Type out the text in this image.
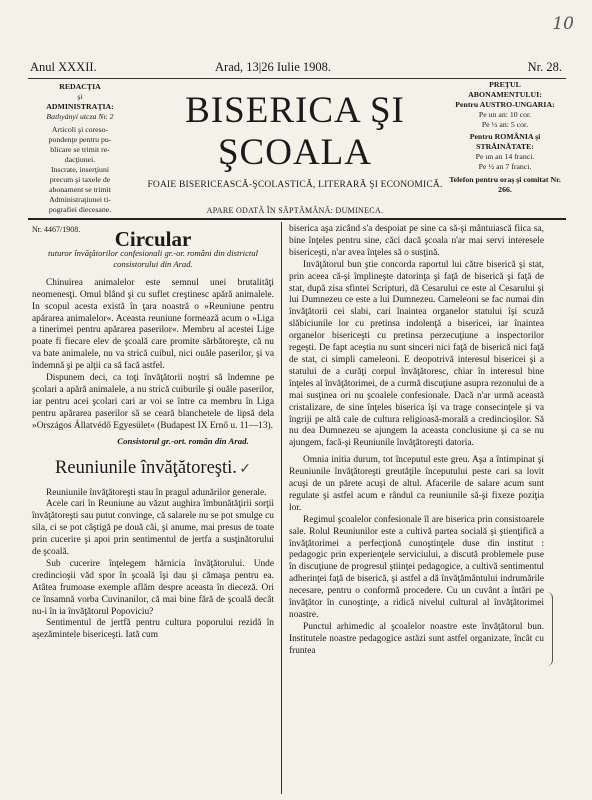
10
Anul XXXII.	Arad, 13|26 Iulie 1908.	Nr. 28.
REDACŢIA
şi
ADMINISTRAŢIA:
Bathyányi utcza Nr. 2
Articoli şi coreso-
pondenţe pentru pu-
blicare se trimit re-
dacţiunei.
Inscrate, inserţiuni
precum şi taxele de
abonament se trimit
Administraţiunei ti-
pografiei diecesane.
BISERICA ŞI ŞCOALA
FOAIE BISERICEASCĂ-ŞCOLASTICĂ, LITERARĂ ŞI ECONOMICĂ.
APARE ODATĂ ÎN SĂPTĂMÂNĂ: DUMINECA.
PREŢUL
ABONAMENTULUI:
Pentru AUSTRO-UNGARIA:
Pe un an: 10 cor.
Pe ½ an: 5 cor.
Pentru ROMÂNIA şi STRĂINĂTATE:
Pe un an 14 franci.
Pe ½ an 7 franci.
Telefon pentru oraş şi comitat Nr. 266.
Nr. 4467/1908.	Circular
tuturor învăţătorilor confesionali gr.-or. români din districtul consistorului din Arad.

Chinuirea animalelor este semnul unei brutalităţi neomenesţi. Omul blând şi cu suflet creştinesc apără animalele. In scopul acesta există în ţara noastră o »Reuniune pentru apărarea animalelor«. Aceasta reuniune formează acum o »Liga a tinerimei pentru apărarea paserilor«. Membru al acestei Lige poate fi fiecare elev de şcoală care promite sărbătoreşte, că nu va bate animalele, nu va strică cuibul, nici ouăle paserilor, şi va îndemnă şi pe alţii ca să facă astfel.

Dispunem deci, ca toţi învăţătorii noştri să îndemne pe şcolari a apără animalele, a nu strică cuiburile şi ouăle paserilor, iar pentru acei şcolari cari ar voi se între ca membru în Liga pentru apărarea paserilor să se ceară blanchetele de lipsă dela »Országos Állatvédő Egyesület« (Budapest IX Ernő u. 11—13).

Consistorul gr.-ort. român din Arad.
Reuniunile învăţătoreşti. ✓

Reuniunile învăţătoreşti stau în pragul adunărilor generale.

Acele cari în Reuniune au văzut aughira îmbunătăţirii sorţii învăţătoreşti sau putut convinge, că salarele nu se pot smulge cu sila, ci se pot câştigă pe două căi, şi anume, mai presus de toate prin cucerire şi apoi prin sentimentul de jertfa a susţinătorului de şcoală.

Sub cucerire înţelegem hărnicia învăţătorului. Unde credincioşii văd spor în şcoală îşi dau şi cămaşa pentru ea. Atâtea frumoase exemple aflăm despre aceasta în dieceză. Ori ce însamnă vorba Cuvinanilor, că mai bine fără de şcoală decât nu-i în ia învăţătorul Popoviciu?

Sentimentul de jertfă pentru cultura poporului rezidă în aşezămintele bisericeşti. Iată cum

biserica aşa zicând s'a despoiat pe sine ca să-şi mântuiască fiica sa, bine înţeles pentru sine, căci dacă şcoala n'ar mai servi interesele bisericeşti, n'ar avea înţeles să o susţină.

Invăţătorul bun ştie concorda raportul lui către biserică şi stat, prin aceea că-şi împlineşte datorinţa şi faţă de biserică şi faţă de stat, după zisa sfintei Scripturi, dă Cesarului ce este al Cesarului şi lui Dumnezeu ce este a lui Dumnezeu. Cameleoni se fac numai din învăţătorii cei slabi, cari înaintea organelor statului îşi scuză slăbiciunile lor cu pretinsa indolenţă a bisericei, iar înaintea organelor bisericeşti cu pretinsa perzecuţiune a inspectorilor regeşti. De fapt aceştia nu sunt sinceri nici faţă de biserică nici faţă de stat, ci simpli cameleoni. E deopotrivă interesul bisericei şi a statului de a curăţi corpul învăţătoresc, chiar în interesul bine înţeles al învăţătorimei, de a curmă discuţiune asupra rezonului de a mai susţinea ori nu şcoalele confesionale. Dacă n'ar urmă această cristalizare, de sine înţeles biserica îşi va trage consecinţele şi va îngriji pe altă cale de cultura religioasă-morală a credincioşilor. Să nu dea Dumnezeu se ajungem la aceasta conclusiune şi ca se nu ajungem, facă-şi Reuniunile învăţătoreşti datoria.

Omnia initia durum, tot începutul este greu. Aşa a întimpinat şi Reuniunile învăţătoreşti greutăţile începutului peste cari sa lovit acuşi de un părete acuşi de altul. Afacerile de salare acum sunt regulate şi astfel acum e rândul ca reuniunile să-şi fixeze poziţia lor.

Regimul şcoalelor confesionale îl are biserica prin consistoarele sale. Rolul Reuniunilor este a cultivă partea socială şi ştienţifică a învăţătorimei a perfecţionă cunoştinţele duse din institut : pedagogic prin experienţele serviciului, a discută problemele puse în discuţiune de progresul ştiinţei pedagogice, a cultivă sentimentul adherinţei faţă de biserică, şi astfel a dă învăţământului indrumările necesare, pentru o conformă procedere. Cu un cuvânt a întări pe învăţător în cunoştinţe, a ridică nivelul cultural al învăţătorimei noastre.

Punctul arhimedic al şcoalelor noastre este învăţătorul bun. Institutele noastre pedagogice astăzi sunt astfel organizate, încât cu fruntea
